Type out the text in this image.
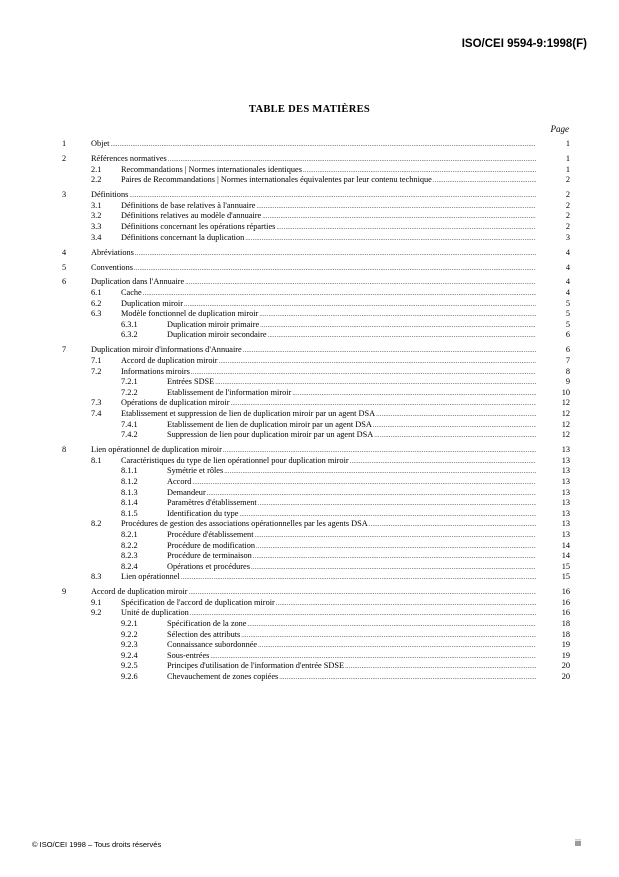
ISO/CEI 9594-9:1998(F)
TABLE DES MATIÈRES
Page
1	Objet .....	1
2	Références normatives .....	1
2.1 Recommandations | Normes internationales identiques .....	1
2.2 Paires de Recommandations | Normes internationales équivalentes par leur contenu technique .....	2
3	Définitions .....	2
3.1 Définitions de base relatives à l'annuaire .....	2
3.2 Définitions relatives au modèle d'annuaire .....	2
3.3 Définitions concernant les opérations réparties .....	2
3.4 Définitions concernant la duplication .....	3
4	Abréviations .....	4
5	Conventions .....	4
6	Duplication dans l'Annuaire .....	4
6.1 Cache .....	4
6.2 Duplication miroir .....	5
6.3 Modèle fonctionnel de duplication miroir .....	5
6.3.1	Duplication miroir primaire .....	5
6.3.2	Duplication miroir secondaire .....	6
7	Duplication miroir d'informations d'Annuaire .....	6
7.1 Accord de duplication miroir .....	7
7.2 Informations miroirs .....	8
7.2.1	Entrées SDSE .....	9
7.2.2	Etablissement de l'information miroir .....	10
7.3 Opérations de duplication miroir .....	12
7.4 Etablissement et suppression de lien de duplication miroir par un agent DSA .....	12
7.4.1	Etablissement de lien de duplication miroir par un agent DSA .....	12
7.4.2	Suppression de lien pour duplication miroir par un agent DSA .....	12
8	Lien opérationnel de duplication miroir .....	13
8.1 Caractéristiques du type de lien opérationnel pour duplication miroir .....	13
8.1.1	Symétrie et rôles .....	13
8.1.2	Accord .....	13
8.1.3	Demandeur .....	13
8.1.4	Paramètres d'établissement .....	13
8.1.5	Identification du type .....	13
8.2 Procédures de gestion des associations opérationnelles par les agents DSA .....	13
8.2.1	Procédure d'établissement .....	13
8.2.2	Procédure de modification .....	14
8.2.3	Procédure de terminaison .....	14
8.2.4	Opérations et procédures .....	15
8.3 Lien opérationnel .....	15
9	Accord de duplication miroir .....	16
9.1 Spécification de l'accord de duplication miroir .....	16
9.2 Unité de duplication .....	16
9.2.1	Spécification de la zone .....	18
9.2.2	Sélection des attributs .....	18
9.2.3	Connaissance subordonnée .....	19
9.2.4	Sous-entrées .....	19
9.2.5	Principes d'utilisation de l'information d'entrée SDSE .....	20
9.2.6	Chevauchement de zones copiées .....	20
© ISO/CEI 1998 – Tous droits réservés	iii
